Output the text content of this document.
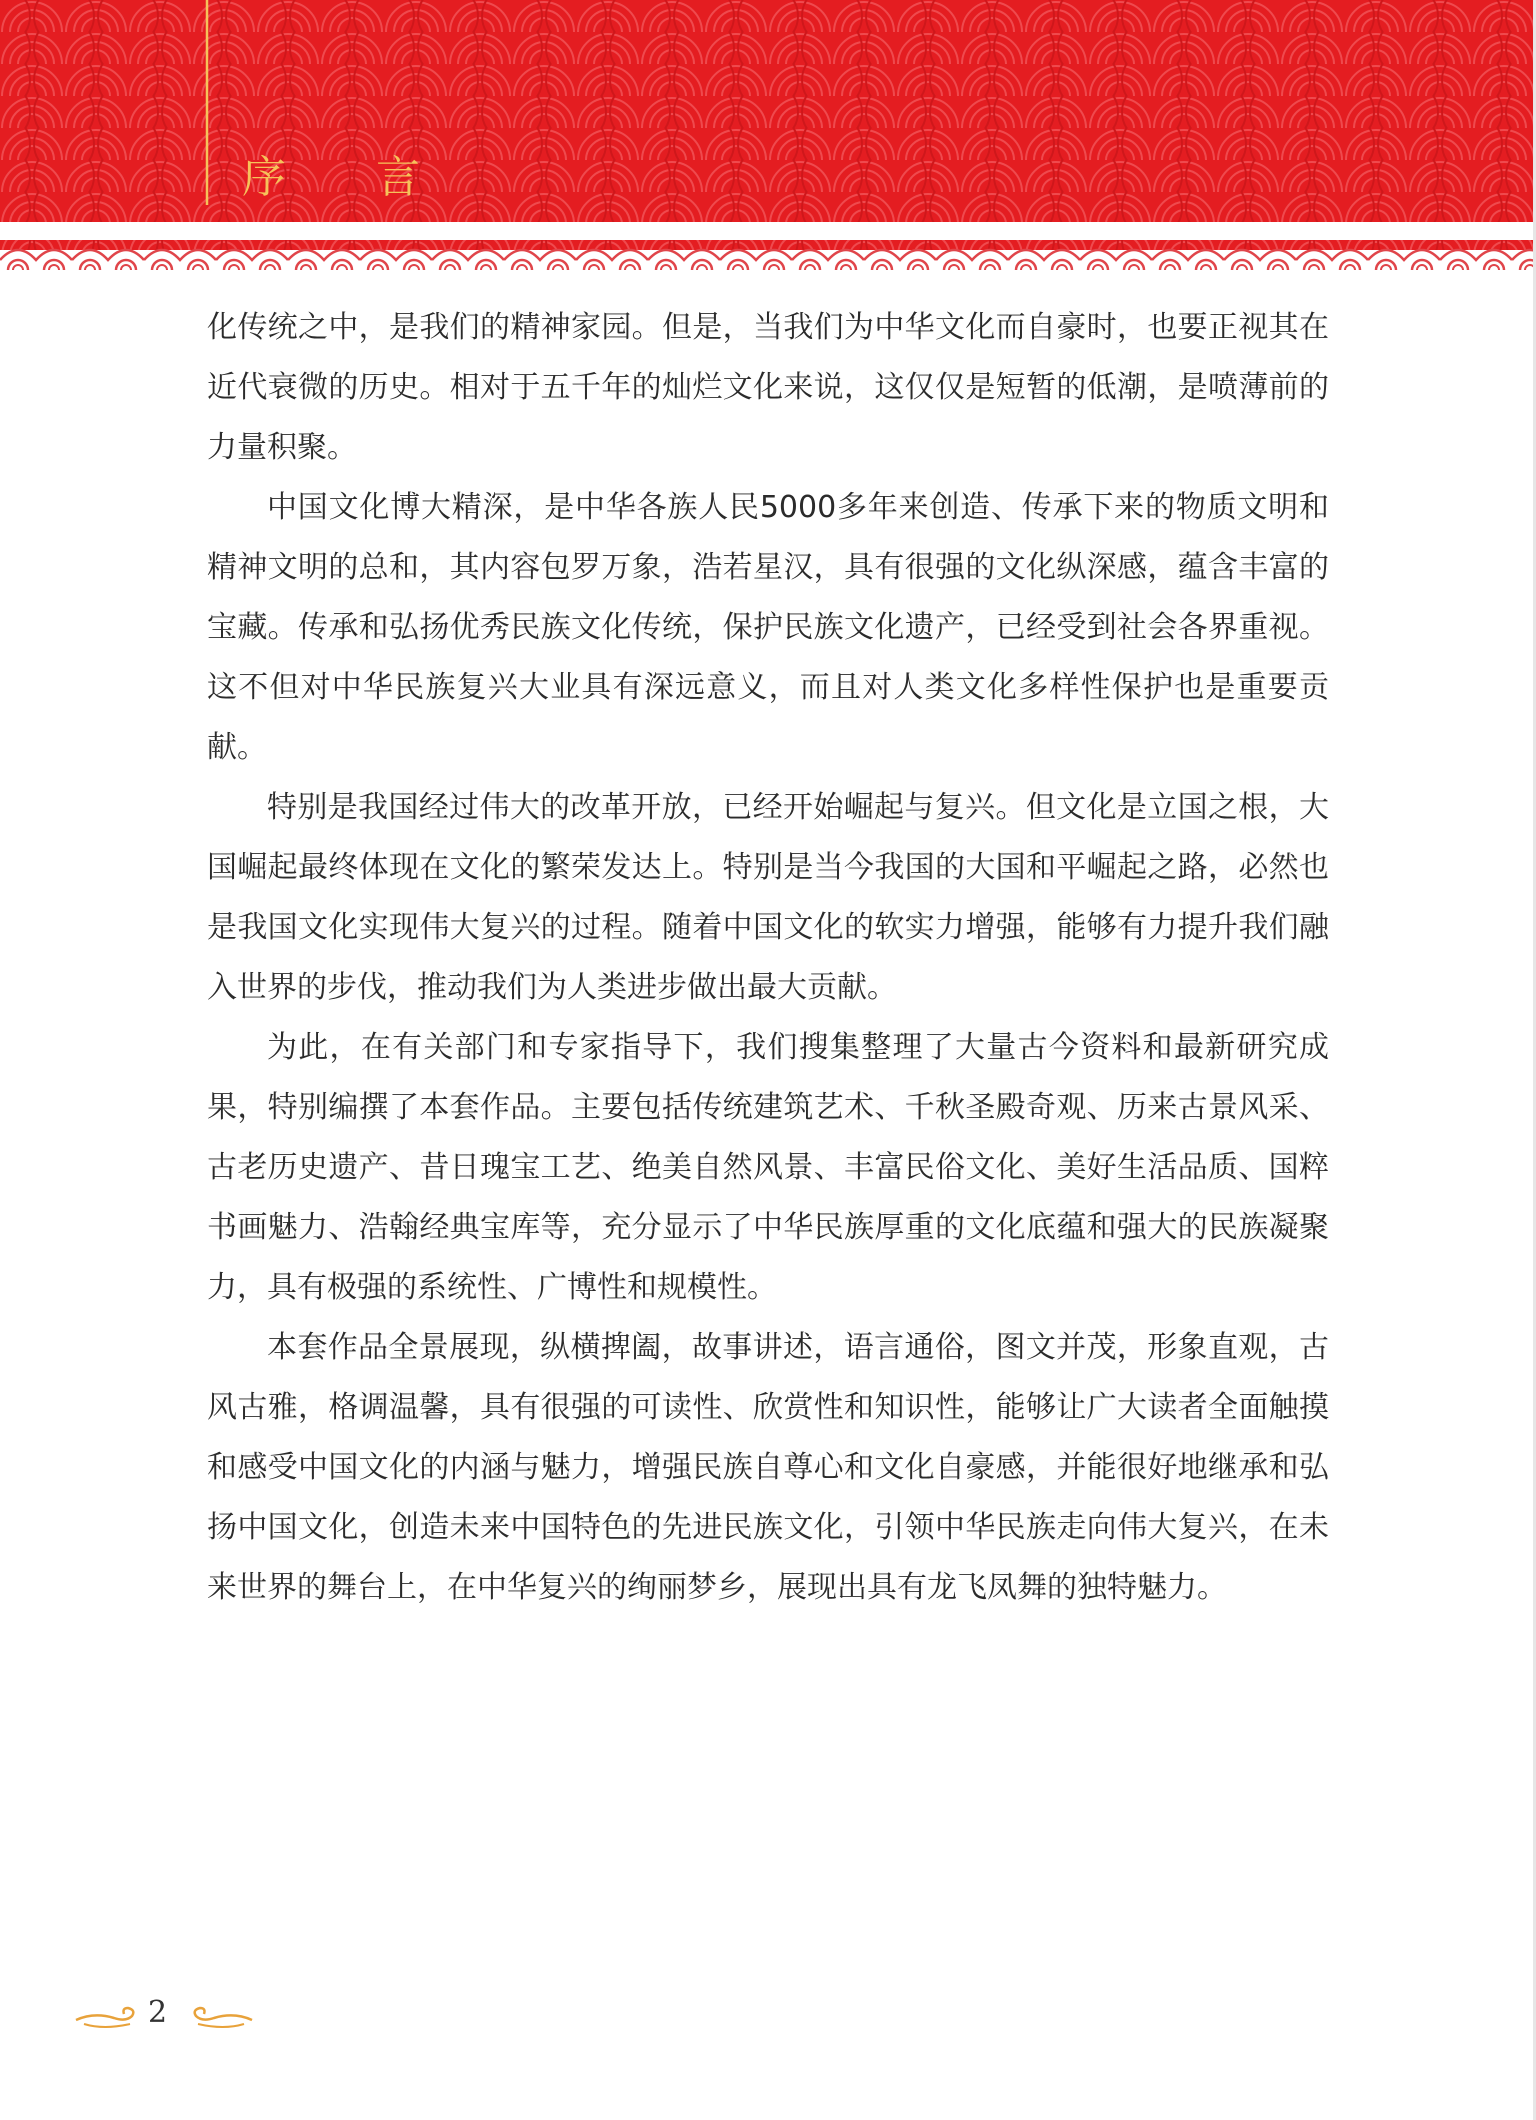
序 言

化传统之中，是我们的精神家园。但是，当我们为中华文化而自豪时，也要正视其在近代衰微的历史。相对于五千年的灿烂文化来说，这仅仅是短暂的低潮，是喷薄前的力量积聚。

中国文化博大精深，是中华各族人民5000多年来创造、传承下来的物质文明和精神文明的总和，其内容包罗万象，浩若星汉，具有很强的文化纵深感，蕴含丰富的宝藏。传承和弘扬优秀民族文化传统，保护民族文化遗产，已经受到社会各界重视。这不但对中华民族复兴大业具有深远意义，而且对人类文化多样性保护也是重要贡献。

特别是我国经过伟大的改革开放，已经开始崛起与复兴。但文化是立国之根，大国崛起最终体现在文化的繁荣发达上。特别是当今我国的大国和平崛起之路，必然也是我国文化实现伟大复兴的过程。随着中国文化的软实力增强，能够有力提升我们融入世界的步伐，推动我们为人类进步做出最大贡献。

为此，在有关部门和专家指导下，我们搜集整理了大量古今资料和最新研究成果，特别编撰了本套作品。主要包括传统建筑艺术、千秋圣殿奇观、历来古景风采、古老历史遗产、昔日瑰宝工艺、绝美自然风景、丰富民俗文化、美好生活品质、国粹书画魅力、浩翰经典宝库等，充分显示了中华民族厚重的文化底蕴和强大的民族凝聚力，具有极强的系统性、广博性和规模性。

本套作品全景展现，纵横捭阖，故事讲述，语言通俗，图文并茂，形象直观，古风古雅，格调温馨，具有很强的可读性、欣赏性和知识性，能够让广大读者全面触摸和感受中国文化的内涵与魅力，增强民族自尊心和文化自豪感，并能很好地继承和弘扬中国文化，创造未来中国特色的先进民族文化，引领中华民族走向伟大复兴，在未来世界的舞台上，在中华复兴的绚丽梦乡，展现出具有龙飞凤舞的独特魅力。

2
